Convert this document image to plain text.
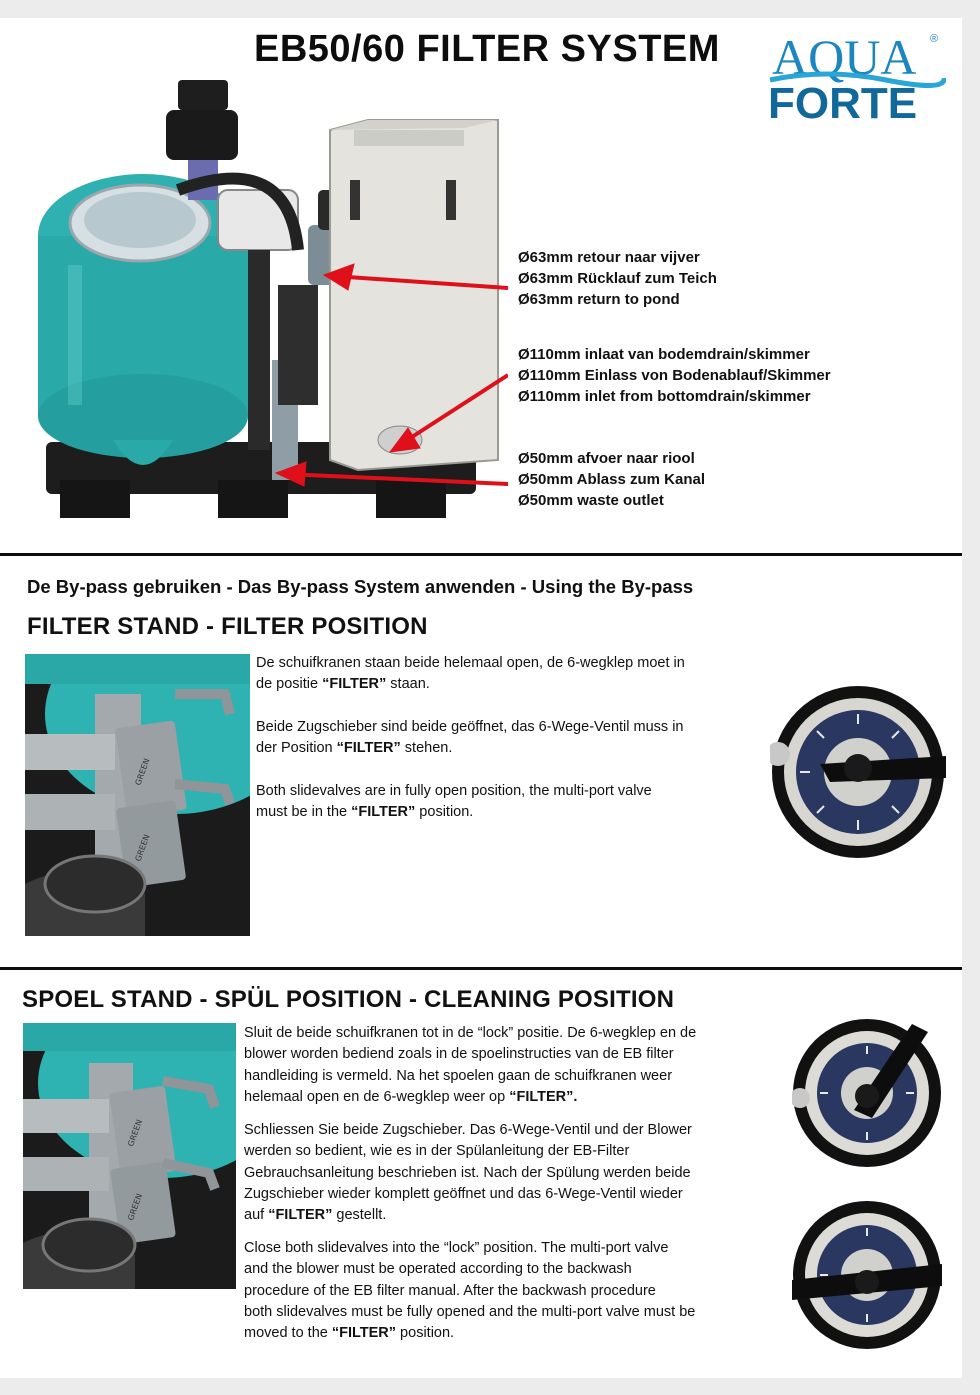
EB50/60 FILTER SYSTEM AQUA ®
FORTE
Ø63mm retour naar vijver
Ø63mm Rücklauf zum Teich
Ø63mm return to pond
Ø110mm inlaat van bodemdrain/skimmer
Ø110mm Einlass von Bodenablauf/Skimmer
Ø110mm inlet from bottomdrain/skimmer
Ø50mm afvoer naar riool
Ø50mm Ablass zum Kanal
Ø50mm waste outlet
De By-pass gebruiken - Das By-pass System anwenden - Using the By-pass
FILTER STAND - FILTER POSITION
GREEN
GREEN
De schuifkranen staan beide helemaal open, de 6-wegklep moet in
de positie “FILTER” staan.
Beide Zugschieber sind beide geöffnet, das 6-Wege-Ventil muss in
der Position “FILTER” stehen.
Both slidevalves are in fully open position, the multi-port valve
must be in the “FILTER” position.
SPOEL STAND - SPÜL POSITION - CLEANING POSITION
GREEN
GREEN
Sluit de beide schuifkranen tot in de “lock” positie. De 6-wegklep en de
blower worden bediend zoals in de spoelinstructies van de EB filter
handleiding is vermeld. Na het spoelen gaan de schuifkranen weer
helemaal open en de 6-wegklep weer op “FILTER”.
Schliessen Sie beide Zugschieber. Das 6-Wege-Ventil und der Blower
werden so bedient, wie es in der Spülanleitung der EB-Filter
Gebrauchsanleitung beschrieben ist. Nach der Spülung werden beide
Zugschieber wieder komplett geöffnet und das 6-Wege-Ventil wieder
auf “FILTER” gestellt.
Close both slidevalves into the “lock” position. The multi-port valve
and the blower must be operated according to the backwash
procedure of the EB filter manual. After the backwash procedure
both slidevalves must be fully opened and the multi-port valve must be
moved to the “FILTER” position.
